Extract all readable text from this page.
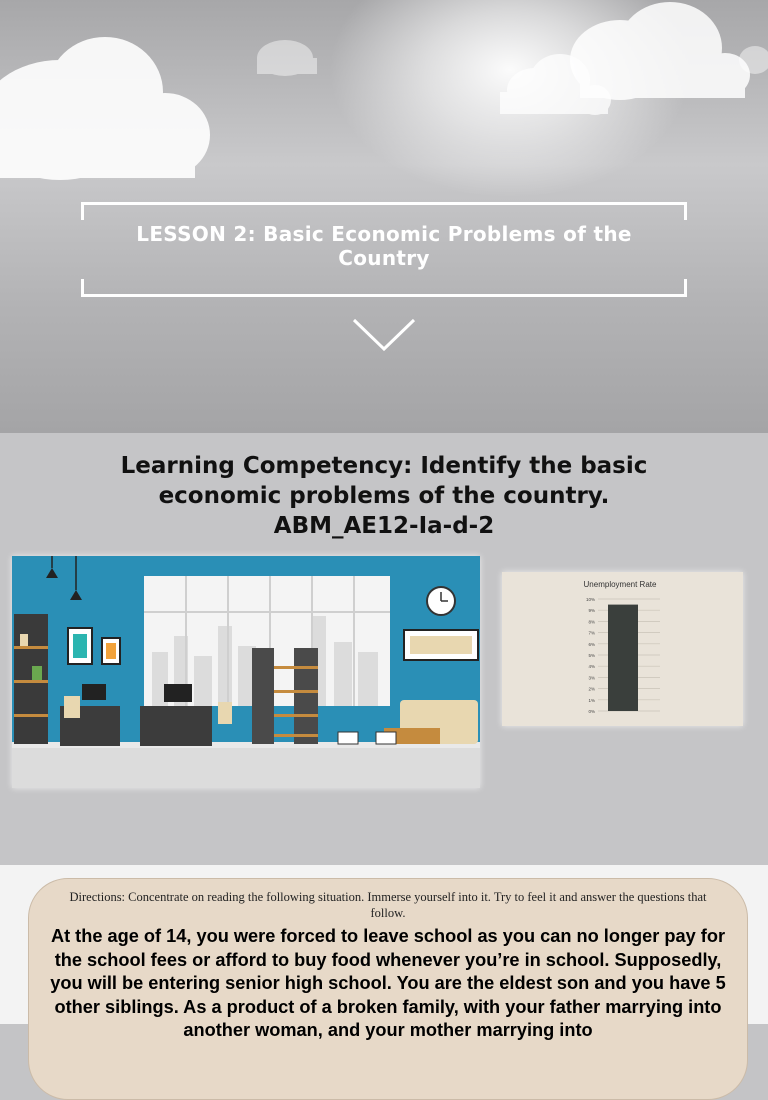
LESSON 2: Basic Economic Problems of the Country
Learning Competency: Identify the basic
economic problems of the country.
ABM_AE12-Ia-d-2
Unemployment Rate
0%
1%
2%
3%
4%
5%
6%
7%
8%
9%
10%
Directions: Concentrate on reading the following situation. Immerse yourself into it. Try to feel it and answer the questions that follow.
At the age of 14, you were forced to leave school as you can no longer pay for the school fees or afford to buy food whenever you’re in school. Supposedly, you will be entering senior high school. You are the eldest son and you have 5 other siblings. As a product of a broken family, with your father marrying into another woman, and your mother marrying into
